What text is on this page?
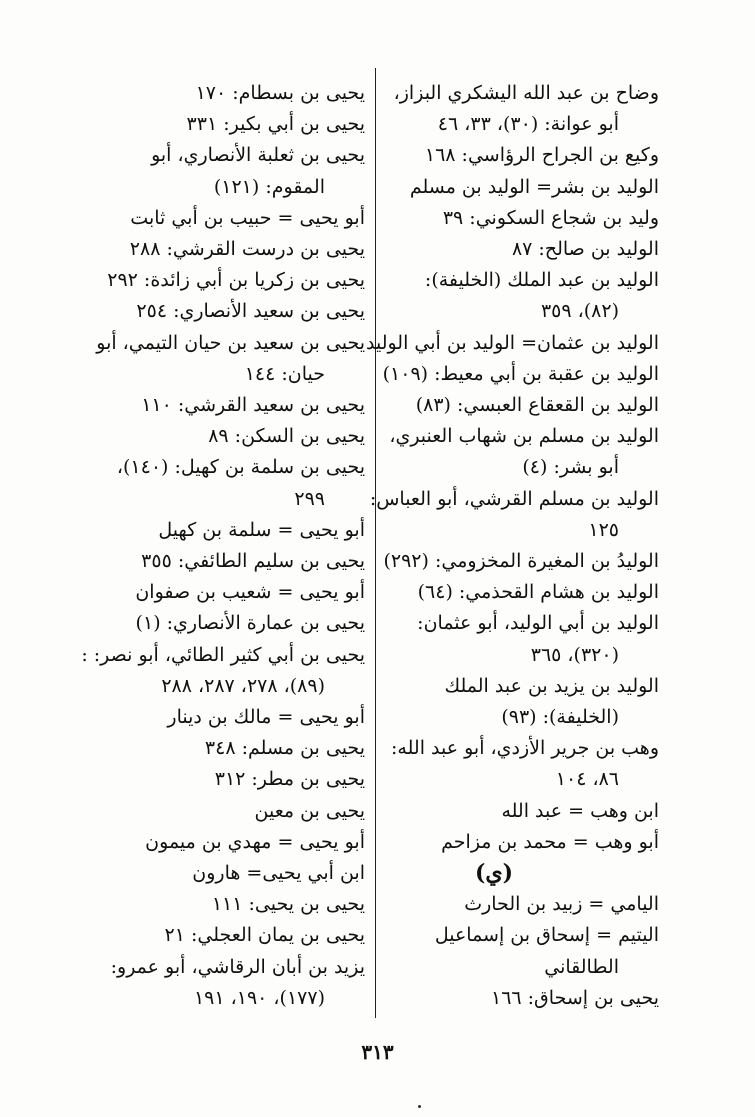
وضاح بن عبد الله اليشكري البزاز،
أبو عوانة: (٣٠)، ٣٣، ٤٦
وكيع بن الجراح الرؤاسي: ١٦٨
الوليد بن بشر= الوليد بن مسلم
وليد بن شجاع السكوني: ٣٩
الوليد بن صالح: ٨٧
الوليد بن عبد الملك (الخليفة):
(٨٢)، ٣٥٩
الوليد بن عثمان= الوليد بن أبي الوليد
الوليد بن عقبة بن أبي معيط: (١٠٩)
الوليد بن القعقاع العبسي: (٨٣)
الوليد بن مسلم بن شهاب العنبري،
أبو بشر: (٤)
الوليد بن مسلم القرشي، أبو العباس:
١٢٥
الوليدُ بن المغيرة المخزومي: (٢٩٢)
الوليد بن هشام القحذمي: (٦٤)
الوليد بن أبي الوليد، أبو عثمان:
(٣٢٠)، ٣٦٥
الوليد بن يزيد بن عبد الملك
(الخليفة): (٩٣)
وهب بن جرير الأزدي، أبو عبد الله:
٨٦، ١٠٤
ابن وهب = عبد الله
أبو وهب = محمد بن مزاحم
(ي)
اليامي = زبيد بن الحارث
اليتيم = إسحاق بن إسماعيل
الطالقاني
يحيى بن إسحاق: ١٦٦
يحيى بن بسطام: ١٧٠
يحيى بن أبي بكير: ٣٣١
يحيى بن ثعلبة الأنصاري، أبو
المقوم: (١٢١)
أبو يحيى = حبيب بن أبي ثابت
يحيى بن درست القرشي: ٢٨٨
يحيى بن زكريا بن أبي زائدة: ٢٩٢
يحيى بن سعيد الأنصاري: ٢٥٤
يحيى بن سعيد بن حيان التيمي، أبو
حيان: ١٤٤
يحيى بن سعيد القرشي: ١١٠
يحيى بن السكن: ٨٩
يحيى بن سلمة بن كهيل: (١٤٠)،
٢٩٩
أبو يحيى = سلمة بن كهيل
يحيى بن سليم الطائفي: ٣٥٥
أبو يحيى = شعيب بن صفوان
يحيى بن عمارة الأنصاري: (١)
يحيى بن أبي كثير الطائي، أبو نصر: :
(٨٩)، ٢٧٨، ٢٨٧، ٢٨٨
أبو يحيى = مالك بن دينار
يحيى بن مسلم: ٣٤٨
يحيى بن مطر: ٣١٢
يحيى بن معين
أبو يحيى = مهدي بن ميمون
ابن أبي يحيى= هارون
يحيى بن يحيى: ١١١
يحيى بن يمان العجلي: ٢١
يزيد بن أبان الرقاشي، أبو عمرو:
(١٧٧)، ١٩٠، ١٩١
٣١٣
